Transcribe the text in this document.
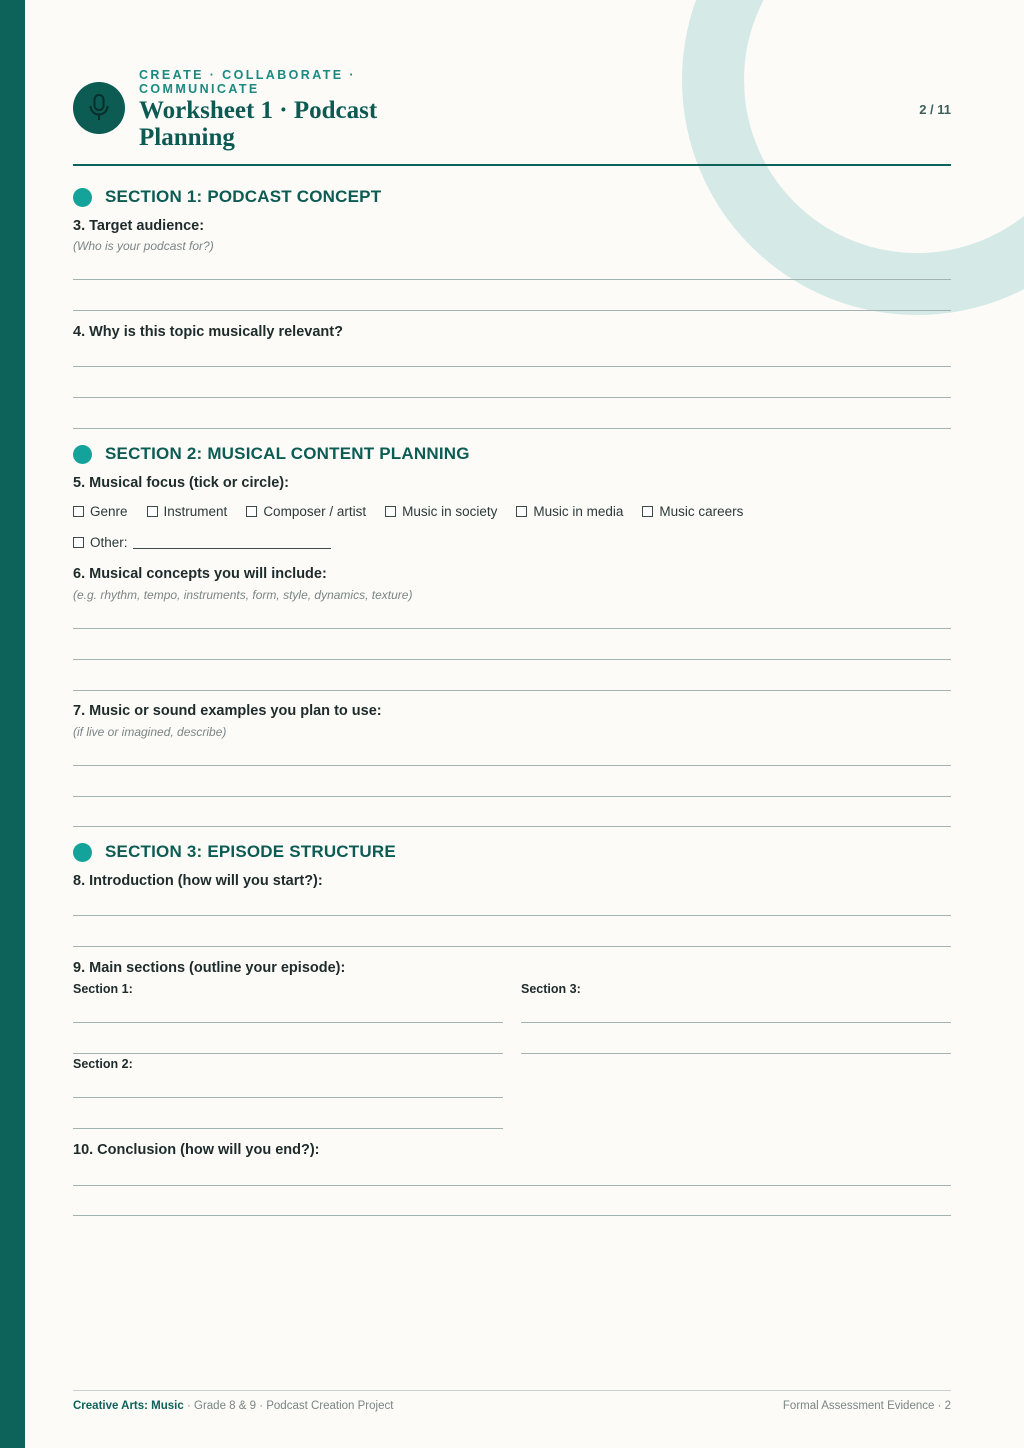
CREATE · COLLABORATE · COMMUNICATE
Worksheet 1 · Podcast Planning
2 / 11
SECTION 1: PODCAST CONCEPT
3. Target audience:
(Who is your podcast for?)
4. Why is this topic musically relevant?
SECTION 2: MUSICAL CONTENT PLANNING
5. Musical focus (tick or circle):
Genre	Instrument	Composer / artist	Music in society	Music in media	Music careers
Other:
6. Musical concepts you will include:
(e.g. rhythm, tempo, instruments, form, style, dynamics, texture)
7. Music or sound examples you plan to use:
(if live or imagined, describe)
SECTION 3: EPISODE STRUCTURE
8. Introduction (how will you start?):
9. Main sections (outline your episode):
Section 1:
Section 2:
Section 3:
10. Conclusion (how will you end?):
Creative Arts: Music · Grade 8 & 9 · Podcast Creation Project	Formal Assessment Evidence · 2
